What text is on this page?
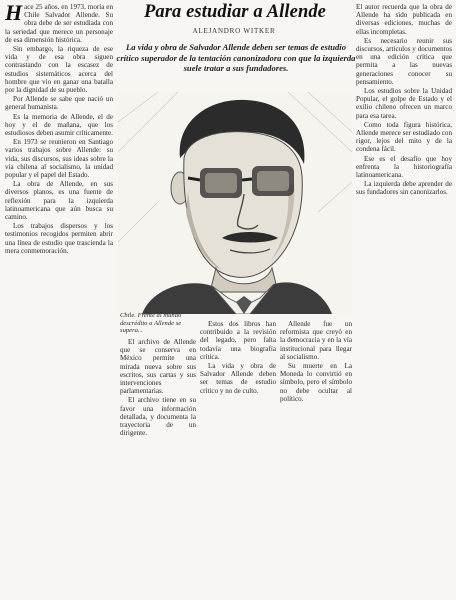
Para estudiar a Allende
ALEJANDRO WITKER
La vida y obra de Salvador Allende deben ser temas de estudio crítico superador de la tentación canonizadora con que la izquierda suele tratar a sus fundadores.

Hace 25 años, en 1973, moría en Chile Salvador Allende. Su obra debe de ser estudiada con la seriedad que merece un personaje de esa dimensión histórica.

Sin embargo, la riqueza de ese vida y de esa obra siguen contrastando con la escasez de estudios sistemáticos acerca del hombre que vio en ganar una batalla por la dignidad de su pueblo.

Por Allende se sabe que nació un general humanista.

Es la memoria de Allende, el de hoy y el de mañana, que los estudiosos deben asumir críticamente.

En 1973 se reunieron en Santiago varios trabajos sobre Allende: su vida, sus discursos, sus ideas sobre la vía chilena al socialismo, la unidad popular y el papel del Estado.

La obra de Allende, en sus diversos planos, es una fuente de reflexión para la izquierda latinoamericana que aún busca su camino.

Los trabajos dispersos y los testimonios recogidos permiten abrir una línea de estudio que trascienda la mera conmemoración.

Chile. Frente al mundo descrédito a Allende se supera...

El archivo de Allende que se conserva en México permite una mirada nueva sobre sus escritos, sus cartas y sus intervenciones parlamentarias.

El archivo tiene en su favor una información detallada, y documenta la trayectoria de un dirigente.

Estos dos libros han contribuido a la revisión del legado, pero falta todavía una biografía crítica.

La vida y obra de Salvador Allende deben ser temas de estudio crítico y no de culto.

Allende fue un reformista que creyó en la democracia y en la vía institucional para llegar al socialismo.

Su muerte en La Moneda lo convirtió en símbolo, pero el símbolo no debe ocultar al político.

El autor recuerda que la obra de Allende ha sido publicada en diversas ediciones, muchas de ellas incompletas.

Es necesario reunir sus discursos, artículos y documentos en una edición crítica que permita a las nuevas generaciones conocer su pensamiento.

Los estudios sobre la Unidad Popular, el golpe de Estado y el exilio chileno ofrecen un marco para esa tarea.

Como toda figura histórica, Allende merece ser estudiado con rigor, lejos del mito y de la condena fácil.

Ese es el desafío que hoy enfrenta la historiografía latinoamericana.

La izquierda debe aprender de sus fundadores sin canonizarlos.
